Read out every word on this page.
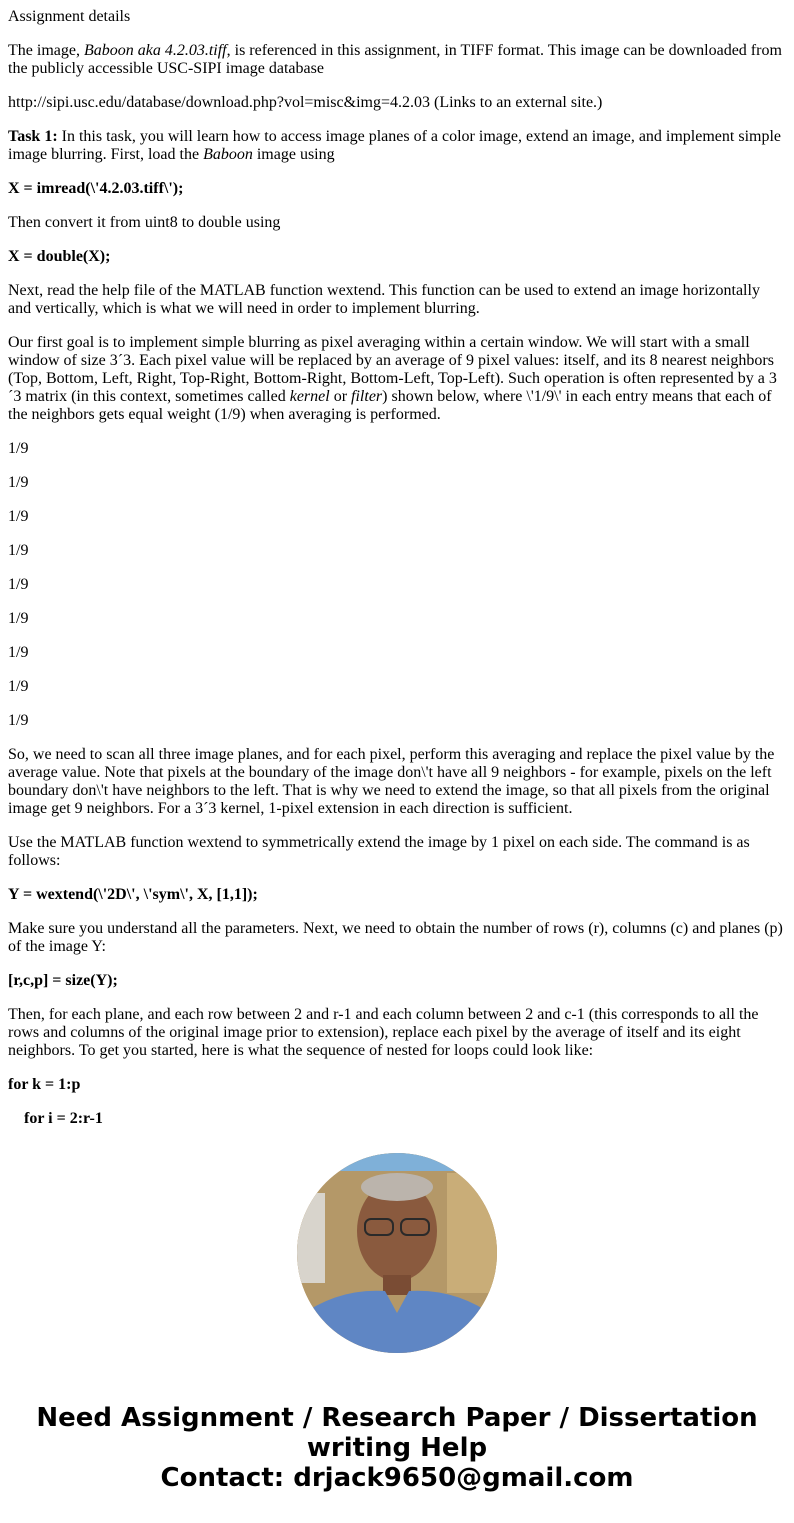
Assignment details

The image, Baboon aka 4.2.03.tiff, is referenced in this assignment, in TIFF format. This image can be downloaded from the publicly accessible USC-SIPI image database

http://sipi.usc.edu/database/download.php?vol=misc&img=4.2.03 (Links to an external site.)

Task 1: In this task, you will learn how to access image planes of a color image, extend an image, and implement simple image blurring. First, load the Baboon image using

X = imread(\'4.2.03.tiff\');

Then convert it from uint8 to double using

X = double(X);

Next, read the help file of the MATLAB function wextend. This function can be used to extend an image horizontally and vertically, which is what we will need in order to implement blurring.

Our first goal is to implement simple blurring as pixel averaging within a certain window. We will start with a small window of size 3´3. Each pixel value will be replaced by an average of 9 pixel values: itself, and its 8 nearest neighbors (Top, Bottom, Left, Right, Top-Right, Bottom-Right, Bottom-Left, Top-Left). Such operation is often represented by a 3 ´3 matrix (in this context, sometimes called kernel or filter) shown below, where \'1/9\' in each entry means that each of the neighbors gets equal weight (1/9) when averaging is performed.

1/9

1/9

1/9

1/9

1/9

1/9

1/9

1/9

1/9

So, we need to scan all three image planes, and for each pixel, perform this averaging and replace the pixel value by the average value. Note that pixels at the boundary of the image don\'t have all 9 neighbors - for example, pixels on the left boundary don\'t have neighbors to the left. That is why we need to extend the image, so that all pixels from the original image get 9 neighbors. For a 3´3 kernel, 1-pixel extension in each direction is sufficient.

Use the MATLAB function wextend to symmetrically extend the image by 1 pixel on each side. The command is as follows:

Y = wextend(\'2D\', \'sym\', X, [1,1]);

Make sure you understand all the parameters. Next, we need to obtain the number of rows (r), columns (c) and planes (p) of the image Y:

[r,c,p] = size(Y);

Then, for each plane, and each row between 2 and r-1 and each column between 2 and c-1 (this corresponds to all the rows and columns of the original image prior to extension), replace each pixel by the average of itself and its eight neighbors. To get you started, here is what the sequence of nested for loops could look like:

for k = 1:p

for i = 2:r-1

Need Assignment / Research Paper / Dissertation writing Help
Contact: drjack9650@gmail.com
